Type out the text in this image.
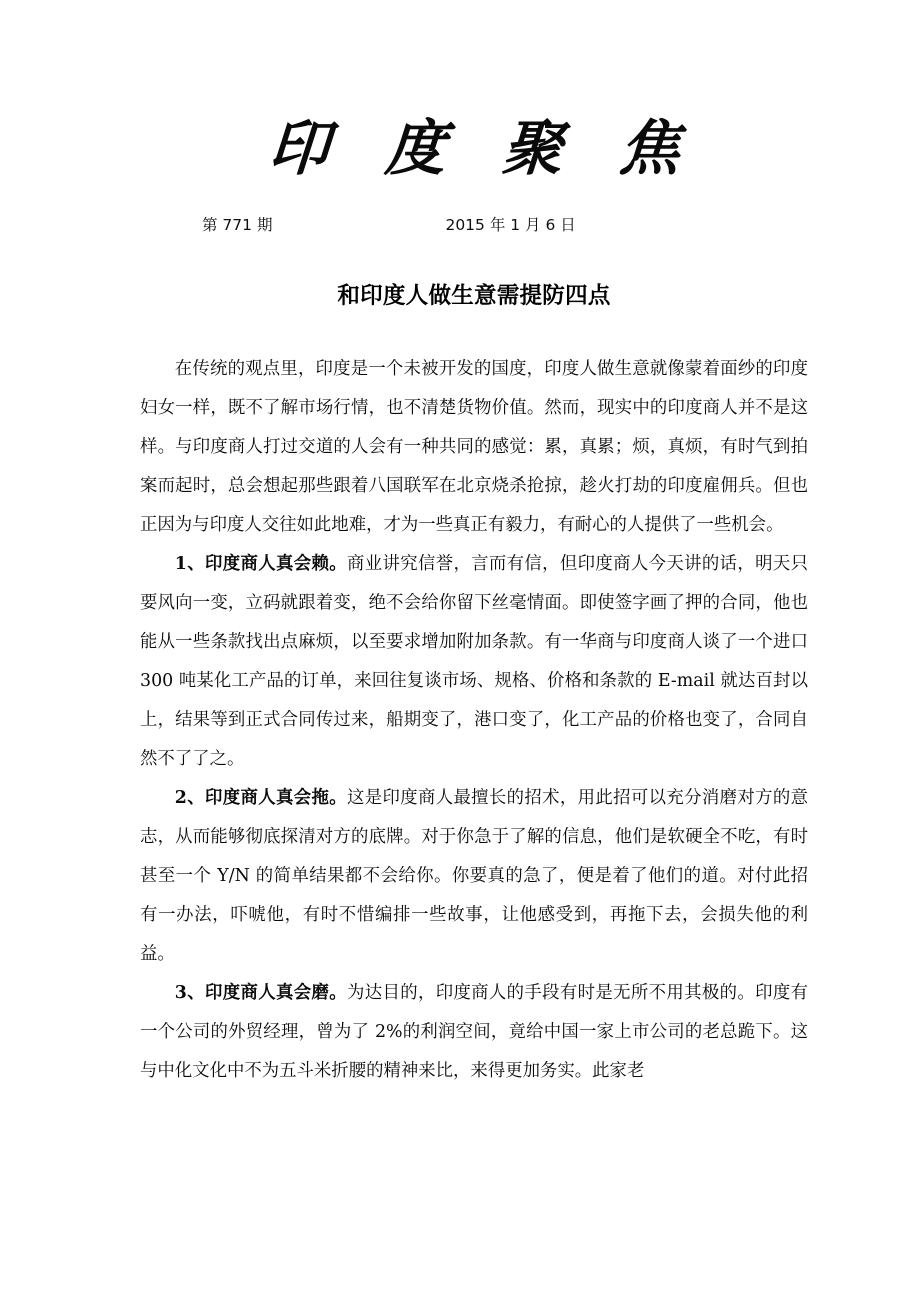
印 度 聚 焦
第 771 期	2015 年 1 月 6 日
和印度人做生意需提防四点

在传统的观点里，印度是一个未被开发的国度，印度人做生意就像蒙着面纱的印度妇女一样，既不了解市场行情，也不清楚货物价值。然而，现实中的印度商人并不是这样。与印度商人打过交道的人会有一种共同的感觉：累，真累；烦，真烦，有时气到拍案而起时，总会想起那些跟着八国联军在北京烧杀抢掠，趁火打劫的印度雇佣兵。但也正因为与印度人交往如此地难，才为一些真正有毅力，有耐心的人提供了一些机会。

1、印度商人真会赖。商业讲究信誉，言而有信，但印度商人今天讲的话，明天只要风向一变，立码就跟着变，绝不会给你留下丝毫情面。即使签字画了押的合同，他也能从一些条款找出点麻烦，以至要求增加附加条款。有一华商与印度商人谈了一个进口 300 吨某化工产品的订单，来回往复谈市场、规格、价格和条款的 E-mail 就达百封以上，结果等到正式合同传过来，船期变了，港口变了，化工产品的价格也变了，合同自然不了了之。

2、印度商人真会拖。这是印度商人最擅长的招术，用此招可以充分消磨对方的意志，从而能够彻底探清对方的底牌。对于你急于了解的信息，他们是软硬全不吃，有时甚至一个 Y/N 的简单结果都不会给你。你要真的急了，便是着了他们的道。对付此招有一办法，吓唬他，有时不惜编排一些故事，让他感受到，再拖下去，会损失他的利益。

3、印度商人真会磨。为达目的，印度商人的手段有时是无所不用其极的。印度有一个公司的外贸经理，曾为了 2%的利润空间，竟给中国一家上市公司的老总跪下。这与中化文化中不为五斗米折腰的精神来比，来得更加务实。此家老
